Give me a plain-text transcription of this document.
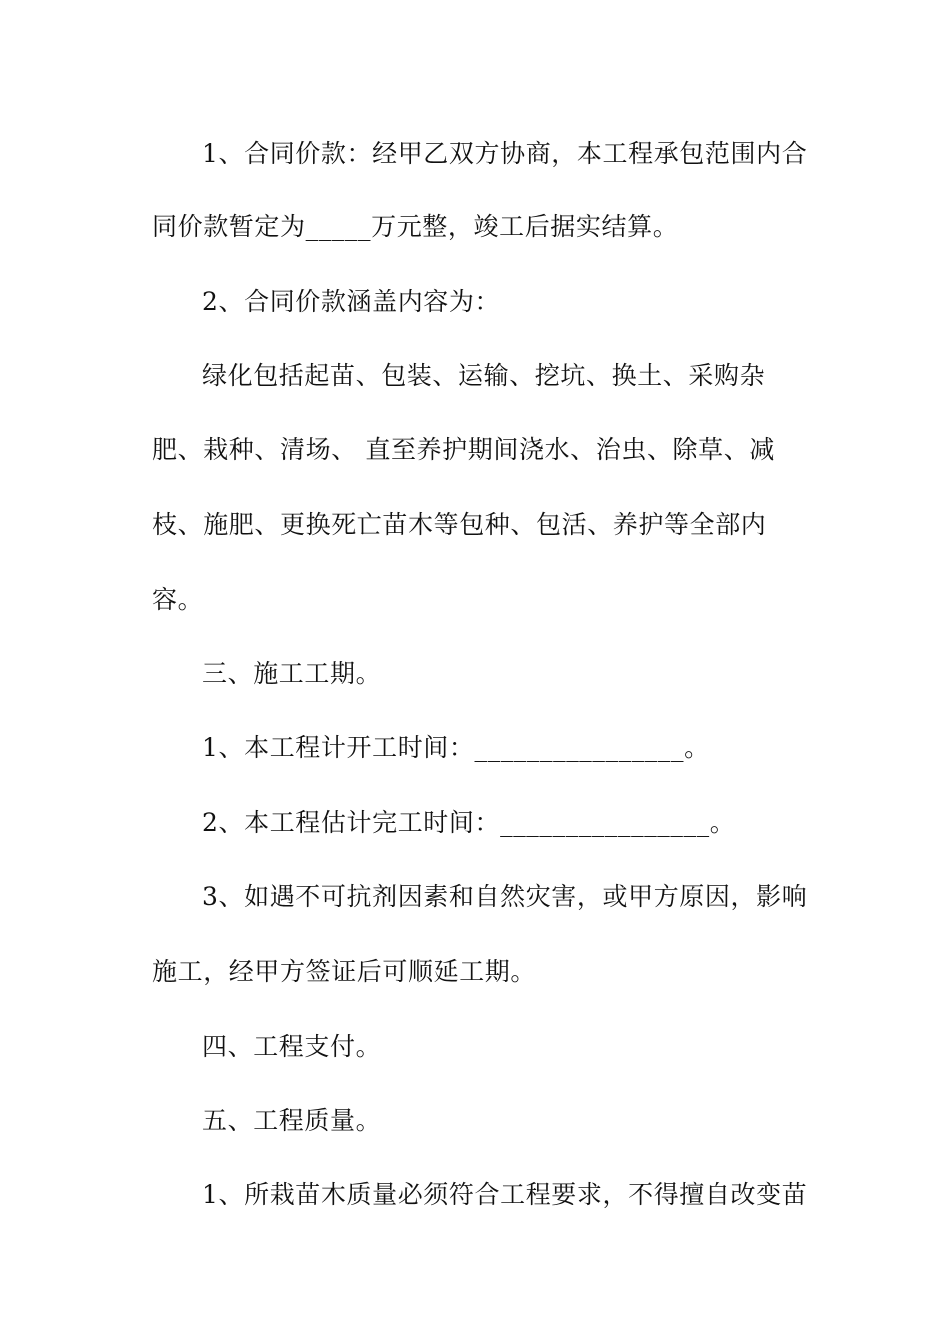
1、合同价款：经甲乙双方协商，本工程承包范围内合
同价款暂定为_____万元整，竣工后据实结算。
2、合同价款涵盖内容为：
绿化包括起苗、包装、运输、挖坑、换土、采购杂
肥、栽种、清场、 直至养护期间浇水、治虫、除草、减
枝、施肥、更换死亡苗木等包种、包活、养护等全部内
容。
三、施工工期。
1、本工程计开工时间：________________。
2、本工程估计完工时间：________________。
3、如遇不可抗剂因素和自然灾害，或甲方原因，影响
施工，经甲方签证后可顺延工期。
四、工程支付。
五、工程质量。
1、所栽苗木质量必须符合工程要求，不得擅自改变苗
